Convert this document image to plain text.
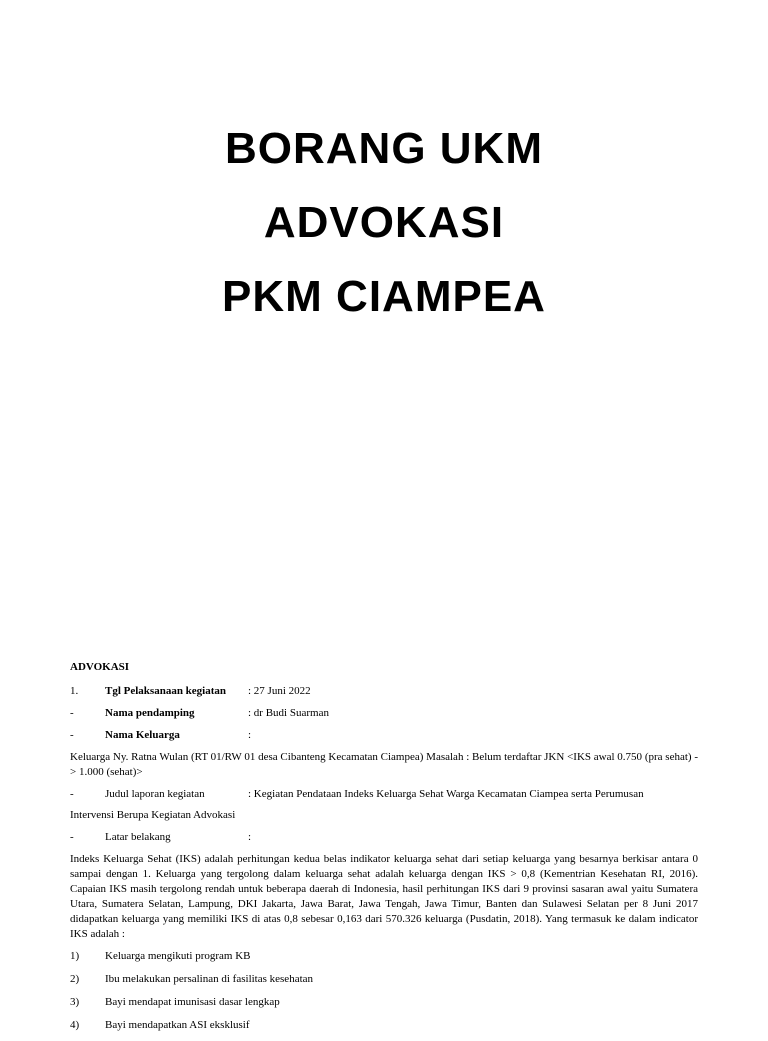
BORANG UKM
ADVOKASI
PKM CIAMPEA
ADVOKASI
1.	Tgl Pelaksanaan kegiatan	: 27 Juni 2022
-	Nama pendamping	: dr Budi Suarman
-	Nama Keluarga	:

Keluarga Ny. Ratna Wulan (RT 01/RW 01 desa Cibanteng Kecamatan Ciampea) Masalah : Belum terdaftar JKN <IKS awal 0.750 (pra sehat) -> 1.000 (sehat)>

-	Judul laporan kegiatan	: Kegiatan Pendataan Indeks Keluarga Sehat Warga Kecamatan Ciampea serta Perumusan
Intervensi Berupa Kegiatan Advokasi
-	Latar belakang	:

Indeks Keluarga Sehat (IKS) adalah perhitungan kedua belas indikator keluarga sehat dari setiap keluarga yang besarnya berkisar antara 0 sampai dengan 1. Keluarga yang tergolong dalam keluarga sehat adalah keluarga dengan IKS > 0,8 (Kementrian Kesehatan RI, 2016). Capaian IKS masih tergolong rendah untuk beberapa daerah di Indonesia, hasil perhitungan IKS dari 9 provinsi sasaran awal yaitu Sumatera Utara, Sumatera Selatan, Lampung, DKI Jakarta, Jawa Barat, Jawa Tengah, Jawa Timur, Banten dan Sulawesi Selatan per 8 Juni 2017 didapatkan keluarga yang memiliki IKS di atas 0,8 sebesar 0,163 dari 570.326 keluarga (Pusdatin, 2018). Yang termasuk ke dalam indicator IKS adalah :

1)	Keluarga mengikuti program KB
2)	Ibu melakukan persalinan di fasilitas kesehatan
3)	Bayi mendapat imunisasi dasar lengkap
4)	Bayi mendapatkan ASI eksklusif
